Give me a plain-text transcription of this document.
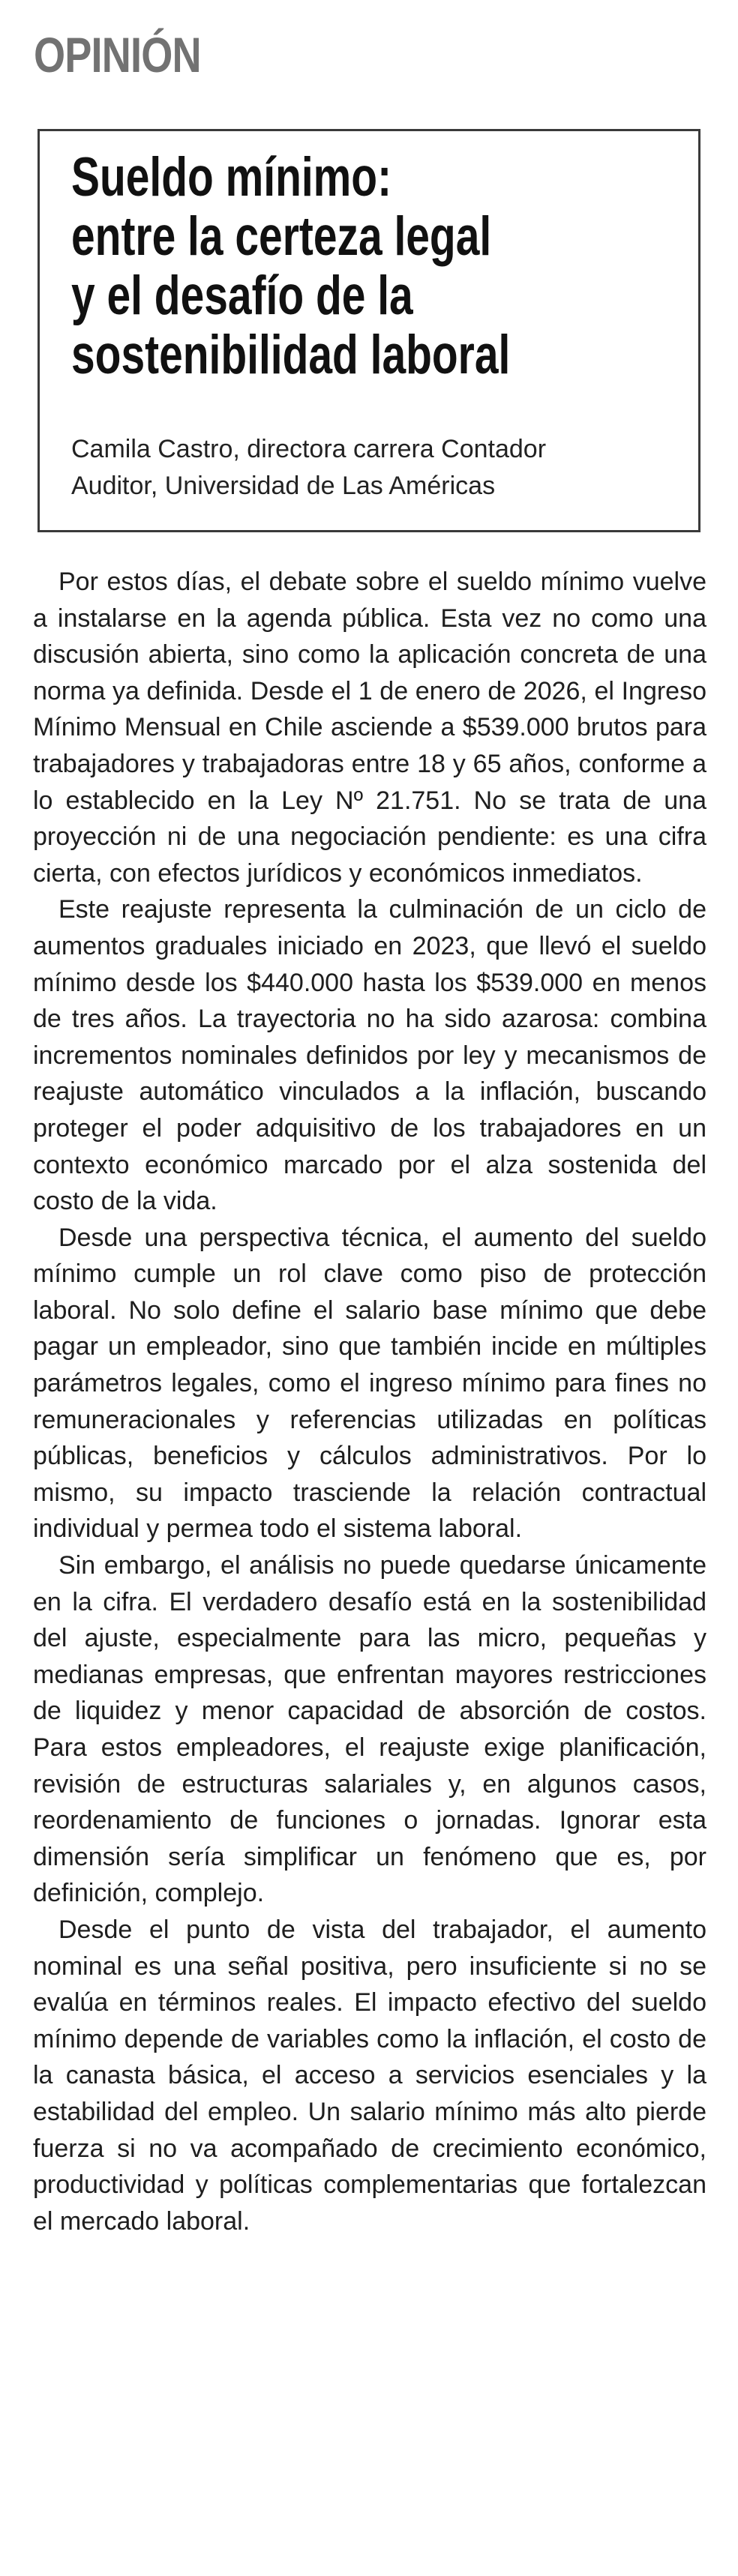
OPINIÓN
Sueldo mínimo:
entre la certeza legal
y el desafío de la
sostenibilidad laboral
Camila Castro, directora carrera Contador
Auditor, Universidad de Las Américas

Por estos días, el debate sobre el sueldo mínimo vuelve a instalarse en la agenda pública. Esta vez no como una discusión abierta, sino como la aplicación concreta de una norma ya definida. Desde el 1 de enero de 2026, el Ingreso Mínimo Mensual en Chile asciende a $539.000 brutos para trabajadores y trabajadoras entre 18 y 65 años, conforme a lo establecido en la Ley Nº 21.751. No se trata de una proyección ni de una negociación pendiente: es una cifra cierta, con efectos jurídicos y económicos inmediatos.

Este reajuste representa la culminación de un ciclo de aumentos graduales iniciado en 2023, que llevó el sueldo mínimo desde los $440.000 hasta los $539.000 en menos de tres años. La trayectoria no ha sido azarosa: combina incrementos nominales definidos por ley y mecanismos de reajuste automático vinculados a la inflación, buscando proteger el poder adquisitivo de los trabajadores en un contexto económico marcado por el alza sostenida del costo de la vida.

Desde una perspectiva técnica, el aumento del sueldo mínimo cumple un rol clave como piso de protección laboral. No solo define el salario base mínimo que debe pagar un empleador, sino que también incide en múltiples parámetros legales, como el ingreso mínimo para fines no remuneracionales y referencias utilizadas en políticas públicas, beneficios y cálculos administrativos. Por lo mismo, su impacto trasciende la relación contractual individual y permea todo el sistema laboral.

Sin embargo, el análisis no puede quedarse únicamente en la cifra. El verdadero desafío está en la sostenibilidad del ajuste, especialmente para las micro, pequeñas y medianas empresas, que enfrentan mayores restricciones de liquidez y menor capacidad de absorción de costos. Para estos empleadores, el reajuste exige planificación, revisión de estructuras salariales y, en algunos casos, reordenamiento de funciones o jornadas. Ignorar esta dimensión sería simplificar un fenómeno que es, por definición, complejo.

Desde el punto de vista del trabajador, el aumento nominal es una señal positiva, pero insuficiente si no se evalúa en términos reales. El impacto efectivo del sueldo mínimo depende de variables como la inflación, el costo de la canasta básica, el acceso a servicios esenciales y la estabilidad del empleo. Un salario mínimo más alto pierde fuerza si no va acompañado de crecimiento económico, productividad y políticas complementarias que fortalezcan el mercado laboral.
